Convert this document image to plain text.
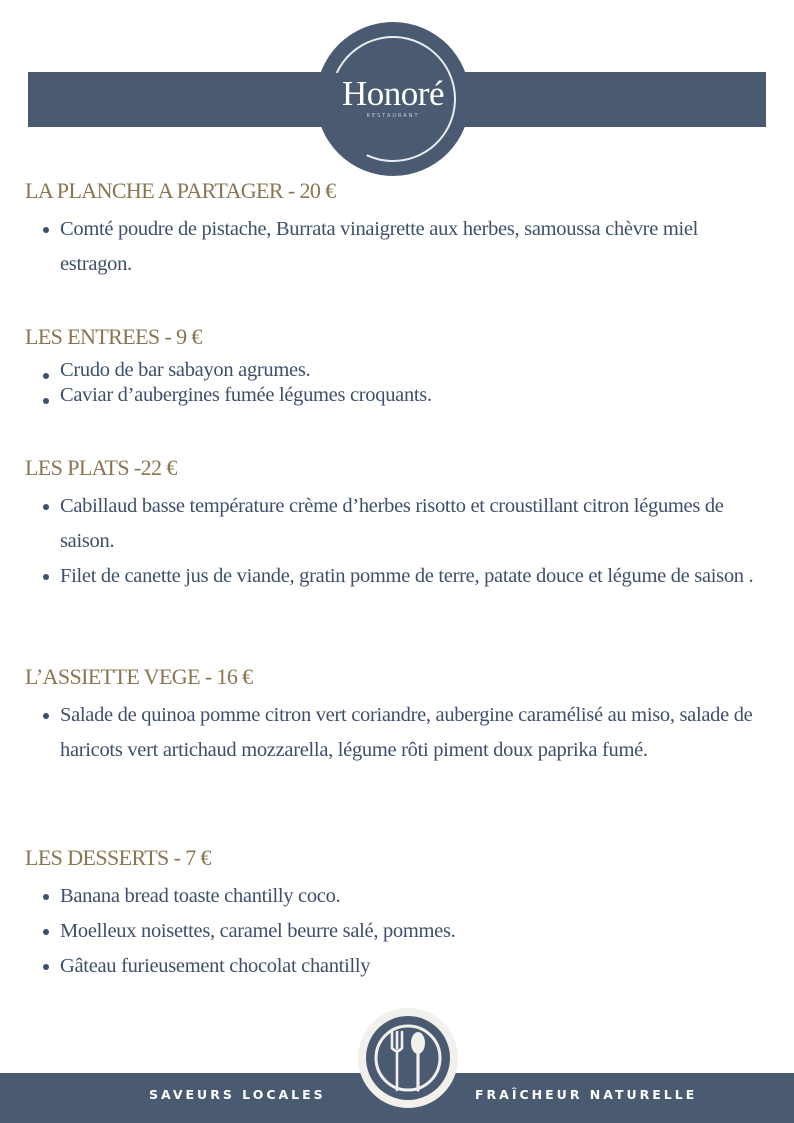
Honoré
RESTAURANT
LA PLANCHE A PARTAGER - 20 €
Comté poudre de pistache, Burrata vinaigrette aux herbes, samoussa chèvre miel estragon.
LES ENTREES - 9 €
Crudo de bar sabayon agrumes.
Caviar d’aubergines fumée légumes croquants.
LES PLATS -22 €
Cabillaud basse température crème d’herbes risotto et croustillant citron légumes de saison.
Filet de canette jus de viande, gratin pomme de terre, patate douce et légume de saison .
L’ASSIETTE VEGE - 16 €
Salade de quinoa pomme citron vert coriandre, aubergine caramélisé au miso, salade de haricots vert artichaud mozzarella, légume rôti piment doux paprika fumé.
LES DESSERTS - 7 €
Banana bread toaste chantilly coco.
Moelleux noisettes, caramel beurre salé, pommes.
Gâteau furieusement chocolat chantilly
SAVEURS LOCALES	FRAÎCHEUR NATURELLE
